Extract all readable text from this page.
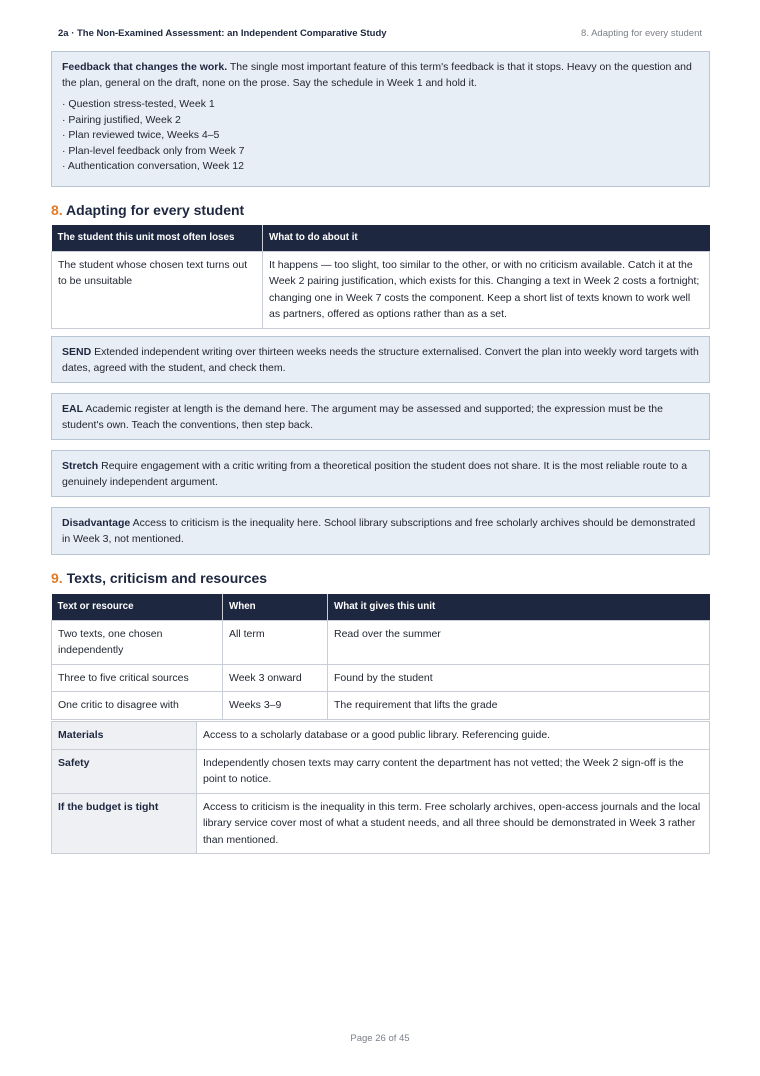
2a · The Non-Examined Assessment: an Independent Comparative Study	8. Adapting for every student
Feedback that changes the work. The single most important feature of this term's feedback is that it stops. Heavy on the question and the plan, general on the draft, none on the prose. Say the schedule in Week 1 and hold it.
· Question stress-tested, Week 1
· Pairing justified, Week 2
· Plan reviewed twice, Weeks 4–5
· Plan-level feedback only from Week 7
· Authentication conversation, Week 12
8. Adapting for every student
The student this unit most often loses	What to do about it
The student whose chosen text turns out to be unsuitable	It happens — too slight, too similar to the other, or with no criticism available. Catch it at the Week 2 pairing justification, which exists for this. Changing a text in Week 2 costs a fortnight; changing one in Week 7 costs the component. Keep a short list of texts known to work well as partners, offered as options rather than as a set.
SEND Extended independent writing over thirteen weeks needs the structure externalised. Convert the plan into weekly word targets with dates, agreed with the student, and check them.
EAL Academic register at length is the demand here. The argument may be assessed and supported; the expression must be the student's own. Teach the conventions, then step back.
Stretch Require engagement with a critic writing from a theoretical position the student does not share. It is the most reliable route to a genuinely independent argument.
Disadvantage Access to criticism is the inequality here. School library subscriptions and free scholarly archives should be demonstrated in Week 3, not mentioned.
9. Texts, criticism and resources
Text or resource	When	What it gives this unit
Two texts, one chosen independently	All term	Read over the summer
Three to five critical sources	Week 3 onward	Found by the student
One critic to disagree with	Weeks 3–9	The requirement that lifts the grade
Materials	Access to a scholarly database or a good public library. Referencing guide.
Safety	Independently chosen texts may carry content the department has not vetted; the Week 2 sign-off is the point to notice.
If the budget is tight	Access to criticism is the inequality in this term. Free scholarly archives, open-access journals and the local library service cover most of what a student needs, and all three should be demonstrated in Week 3 rather than mentioned.
Page 26 of 45
